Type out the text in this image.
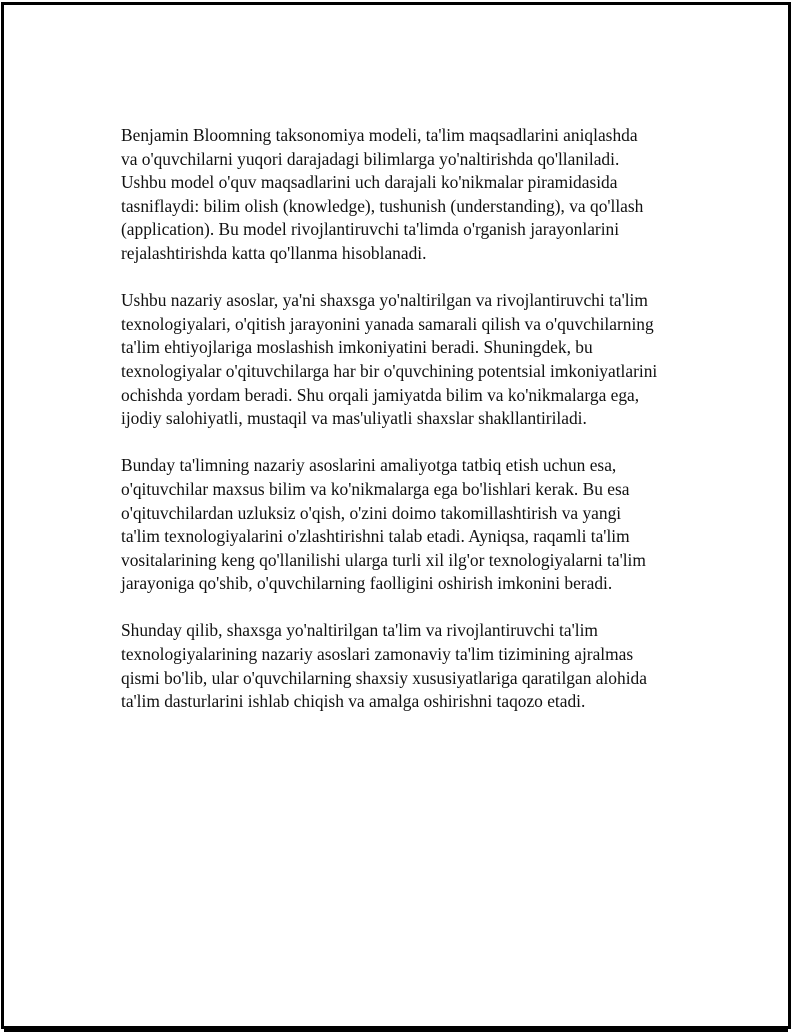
Benjamin Bloomning taksonomiya modeli, ta'lim maqsadlarini aniqlashda
va o'quvchilarni yuqori darajadagi bilimlarga yo'naltirishda qo'llaniladi.
Ushbu model o'quv maqsadlarini uch darajali ko'nikmalar piramidasida
tasniflaydi: bilim olish (knowledge), tushunish (understanding), va qo'llash
(application). Bu model rivojlantiruvchi ta'limda o'rganish jarayonlarini
rejalashtirishda katta qo'llanma hisoblanadi.

Ushbu nazariy asoslar, ya'ni shaxsga yo'naltirilgan va rivojlantiruvchi ta'lim
texnologiyalari, o'qitish jarayonini yanada samarali qilish va o'quvchilarning
ta'lim ehtiyojlariga moslashish imkoniyatini beradi. Shuningdek, bu
texnologiyalar o'qituvchilarga har bir o'quvchining potentsial imkoniyatlarini
ochishda yordam beradi. Shu orqali jamiyatda bilim va ko'nikmalarga ega,
ijodiy salohiyatli, mustaqil va mas'uliyatli shaxslar shakllantiriladi.

Bunday ta'limning nazariy asoslarini amaliyotga tatbiq etish uchun esa,
o'qituvchilar maxsus bilim va ko'nikmalarga ega bo'lishlari kerak. Bu esa
o'qituvchilardan uzluksiz o'qish, o'zini doimo takomillashtirish va yangi
ta'lim texnologiyalarini o'zlashtirishni talab etadi. Ayniqsa, raqamli ta'lim
vositalarining keng qo'llanilishi ularga turli xil ilg'or texnologiyalarni ta'lim
jarayoniga qo'shib, o'quvchilarning faolligini oshirish imkonini beradi.

Shunday qilib, shaxsga yo'naltirilgan ta'lim va rivojlantiruvchi ta'lim
texnologiyalarining nazariy asoslari zamonaviy ta'lim tizimining ajralmas
qismi bo'lib, ular o'quvchilarning shaxsiy xususiyatlariga qaratilgan alohida
ta'lim dasturlarini ishlab chiqish va amalga oshirishni taqozo etadi.
